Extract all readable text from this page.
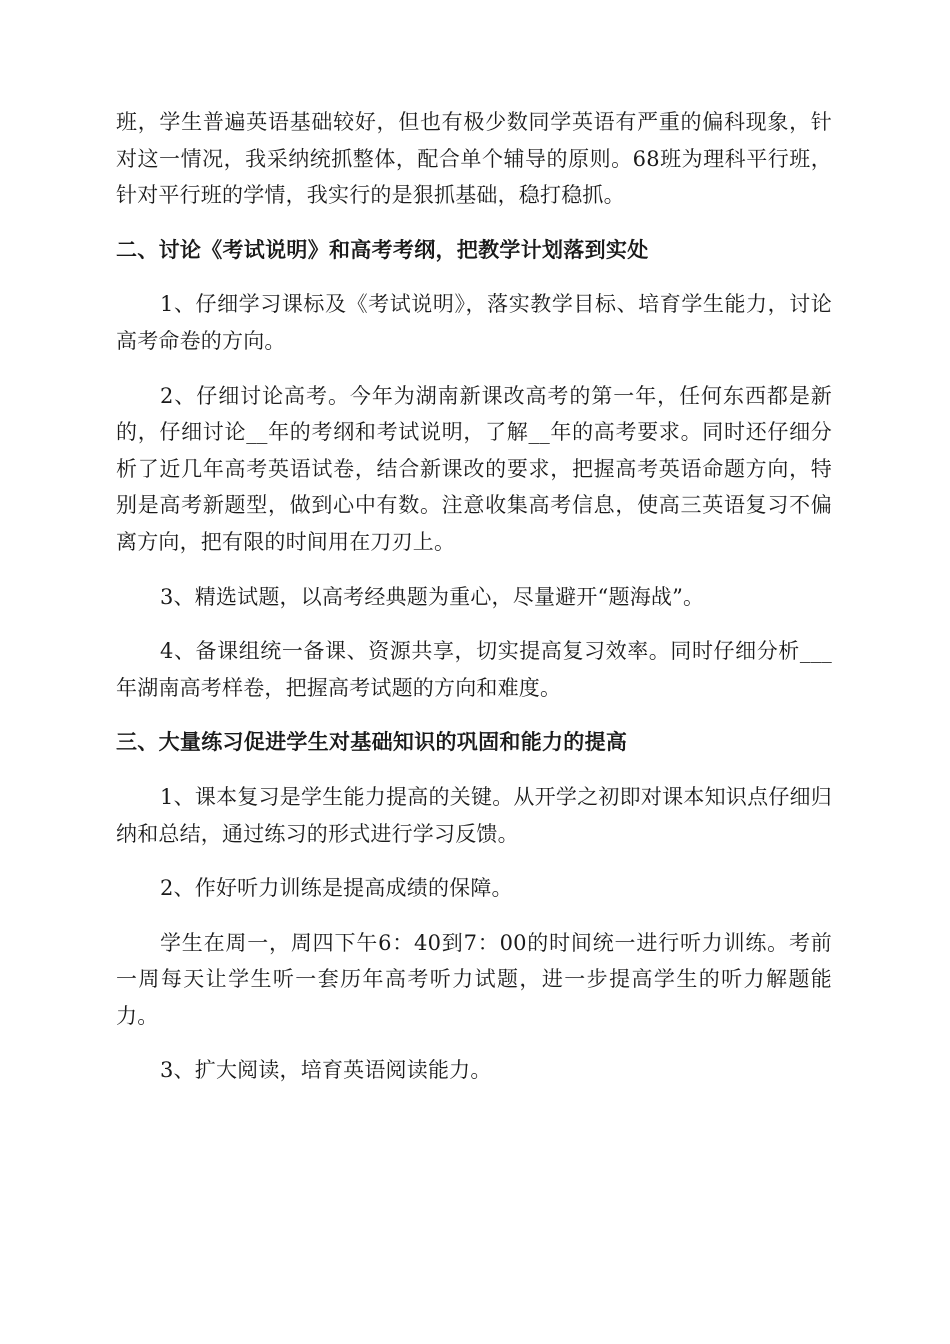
班，学生普遍英语基础较好，但也有极少数同学英语有严重的偏科现象，针对这一情况，我采纳统抓整体，配合单个辅导的原则。68班为理科平行班，针对平行班的学情，我实行的是狠抓基础，稳打稳抓。

二、讨论《考试说明》和高考考纲，把教学计划落到实处

1、仔细学习课标及《考试说明》，落实教学目标、培育学生能力，讨论高考命卷的方向。

2、仔细讨论高考。今年为湖南新课改高考的第一年，任何东西都是新的，仔细讨论__年的考纲和考试说明，了解__年的高考要求。同时还仔细分析了近几年高考英语试卷，结合新课改的要求，把握高考英语命题方向，特别是高考新题型，做到心中有数。注意收集高考信息，使高三英语复习不偏离方向，把有限的时间用在刀刃上。

3、精选试题，以高考经典题为重心，尽量避开“题海战”。

4、备课组统一备课、资源共享，切实提高复习效率。同时仔细分析___年湖南高考样卷，把握高考试题的方向和难度。

三、大量练习促进学生对基础知识的巩固和能力的提高

1、课本复习是学生能力提高的关键。从开学之初即对课本知识点仔细归纳和总结，通过练习的形式进行学习反馈。

2、作好听力训练是提高成绩的保障。

学生在周一，周四下午6：40到7：00的时间统一进行听力训练。考前一周每天让学生听一套历年高考听力试题，进一步提高学生的听力解题能力。

3、扩大阅读，培育英语阅读能力。
